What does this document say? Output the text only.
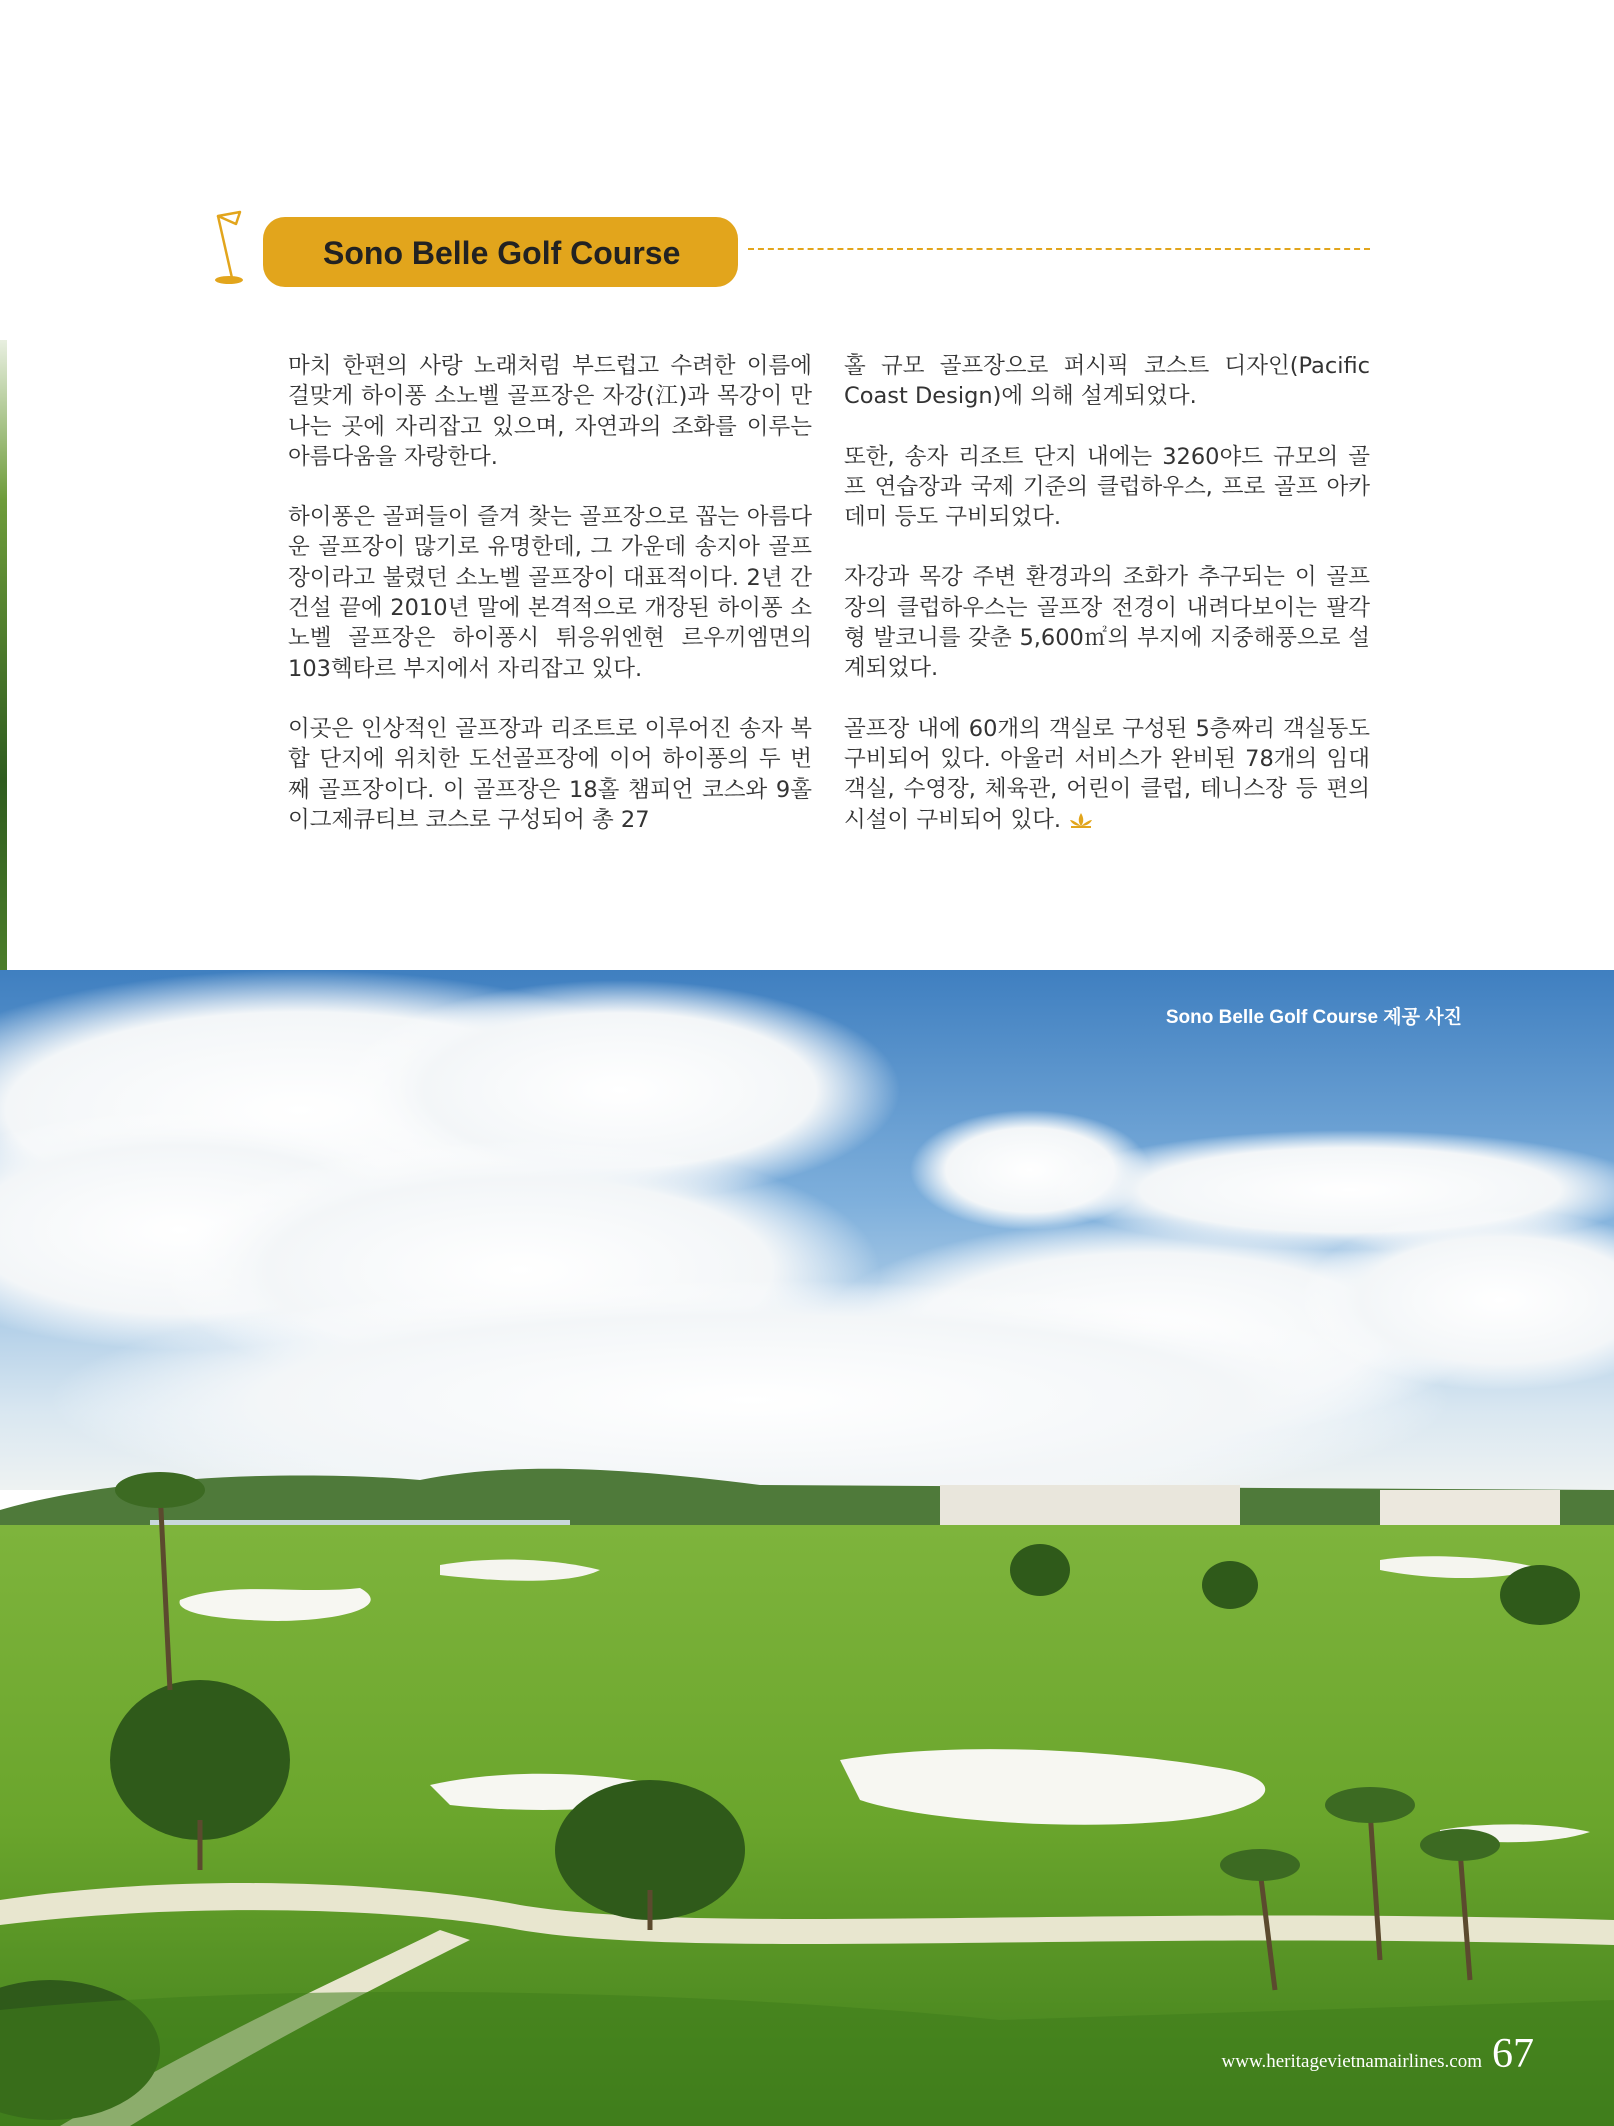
Sono Belle Golf Course

마치 한편의 사랑 노래처럼 부드럽고 수려한 이름에 걸맞게 하이퐁 소노벨 골프장은 자강(江)과 목강이 만나는 곳에 자리잡고 있으며, 자연과의 조화를 이루는 아름다움을 자랑한다.

하이퐁은 골퍼들이 즐겨 찾는 골프장으로 꼽는 아름다운 골프장이 많기로 유명한데, 그 가운데 송지아 골프장이라고 불렸던 소노벨 골프장이 대표적이다. 2년 간 건설 끝에 2010년 말에 본격적으로 개장된 하이퐁 소노벨 골프장은 하이퐁시 튀응위엔현 르우끼엠면의 103헥타르 부지에서 자리잡고 있다.

이곳은 인상적인 골프장과 리조트로 이루어진 송자 복합 단지에 위치한 도선골프장에 이어 하이퐁의 두 번째 골프장이다. 이 골프장은 18홀 챔피언 코스와 9홀 이그제큐티브 코스로 구성되어 총 27

홀 규모 골프장으로 퍼시픽 코스트 디자인(Pacific Coast Design)에 의해 설계되었다.

또한, 송자 리조트 단지 내에는 3260야드 규모의 골프 연습장과 국제 기준의 클럽하우스, 프로 골프 아카데미 등도 구비되었다.

자강과 목강 주변 환경과의 조화가 추구되는 이 골프장의 클럽하우스는 골프장 전경이 내려다보이는 팔각형 발코니를 갖춘 5,600㎡의 부지에 지중해풍으로 설계되었다.

골프장 내에 60개의 객실로 구성된 5층짜리 객실동도 구비되어 있다. 아울러 서비스가 완비된 78개의 임대 객실, 수영장, 체육관, 어린이 클럽, 테니스장 등 편의 시설이 구비되어 있다.

Sono Belle Golf Course 제공 사진
www.heritagevietnamairlines.com 67
